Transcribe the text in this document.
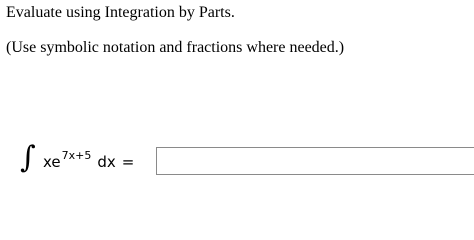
Evaluate using Integration by Parts.
(Use symbolic notation and fractions where needed.)
∫ $xe^{7x+5}$ dx =
